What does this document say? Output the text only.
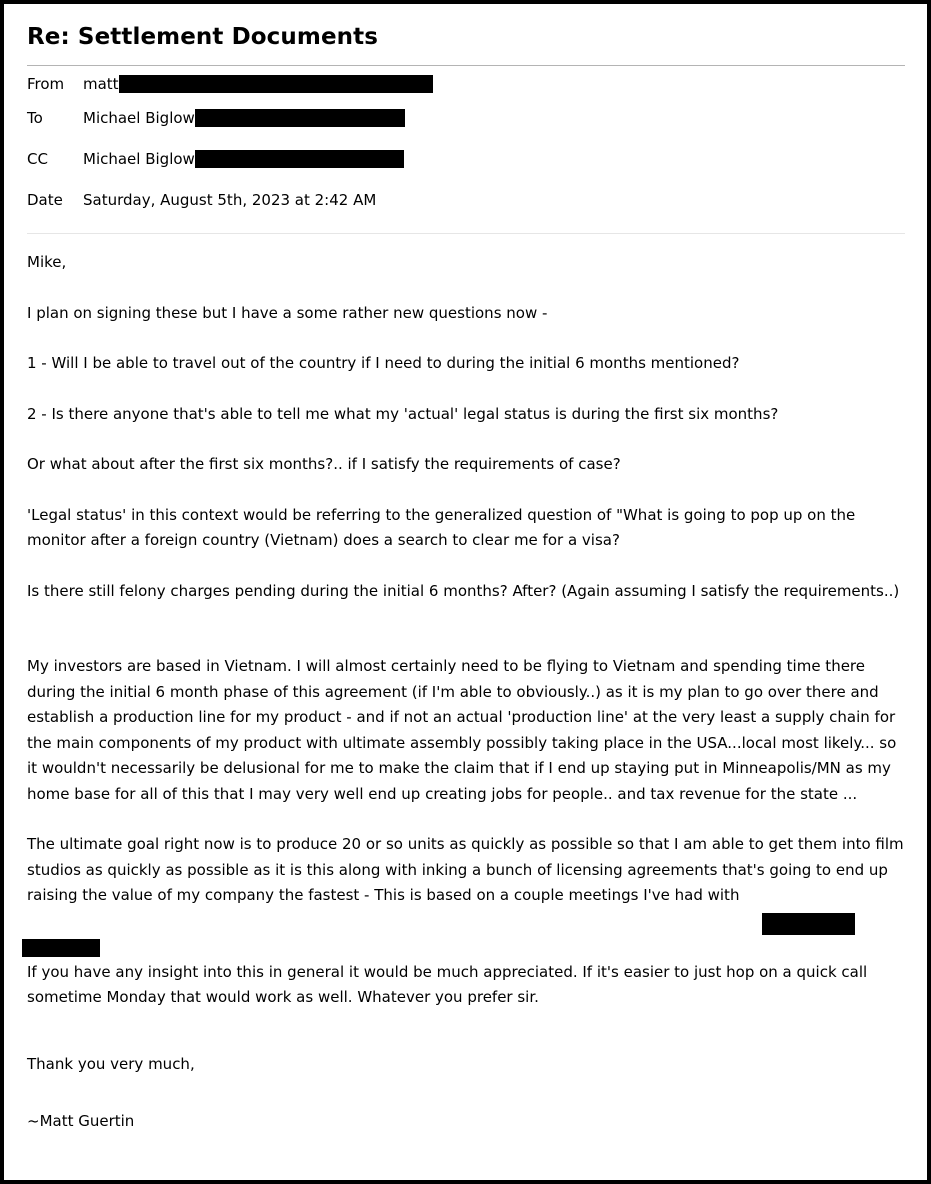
Re: Settlement Documents
From matt
To	Michael Biglow
CC Michael Biglow
Date Saturday, August 5th, 2023 at 2:42 AM

Mike,

I plan on signing these but I have a some rather new questions now -

1 - Will I be able to travel out of the country if I need to during the initial 6 months mentioned?

2 - Is there anyone that's able to tell me what my 'actual' legal status is during the first six months?

Or what about after the first six months?.. if I satisfy the requirements of case?

'Legal status' in this context would be referring to the generalized question of "What is going to pop up on the monitor after a foreign country (Vietnam) does a search to clear me for a visa?

Is there still felony charges pending during the initial 6 months? After? (Again assuming I satisfy the requirements..)

My investors are based in Vietnam. I will almost certainly need to be flying to Vietnam and spending time there during the initial 6 month phase of this agreement (if I'm able to obviously..) as it is my plan to go over there and establish a production line for my product - and if not an actual 'production line' at the very least a supply chain for the main components of my product with ultimate assembly possibly taking place in the USA...local most likely... so it wouldn't necessarily be delusional for me to make the claim that if I end up staying put in Minneapolis/MN as my home base for all of this that I may very well end up creating jobs for people.. and tax revenue for the state ...

The ultimate goal right now is to produce 20 or so units as quickly as possible so that I am able to get them into film studios as quickly as possible as it is this along with inking a bunch of licensing agreements that's going to end up raising the value of my company the fastest - This is based on a couple meetings I've had with

If you have any insight into this in general it would be much appreciated. If it's easier to just hop on a quick call sometime Monday that would work as well. Whatever you prefer sir.

Thank you very much,

~Matt Guertin
